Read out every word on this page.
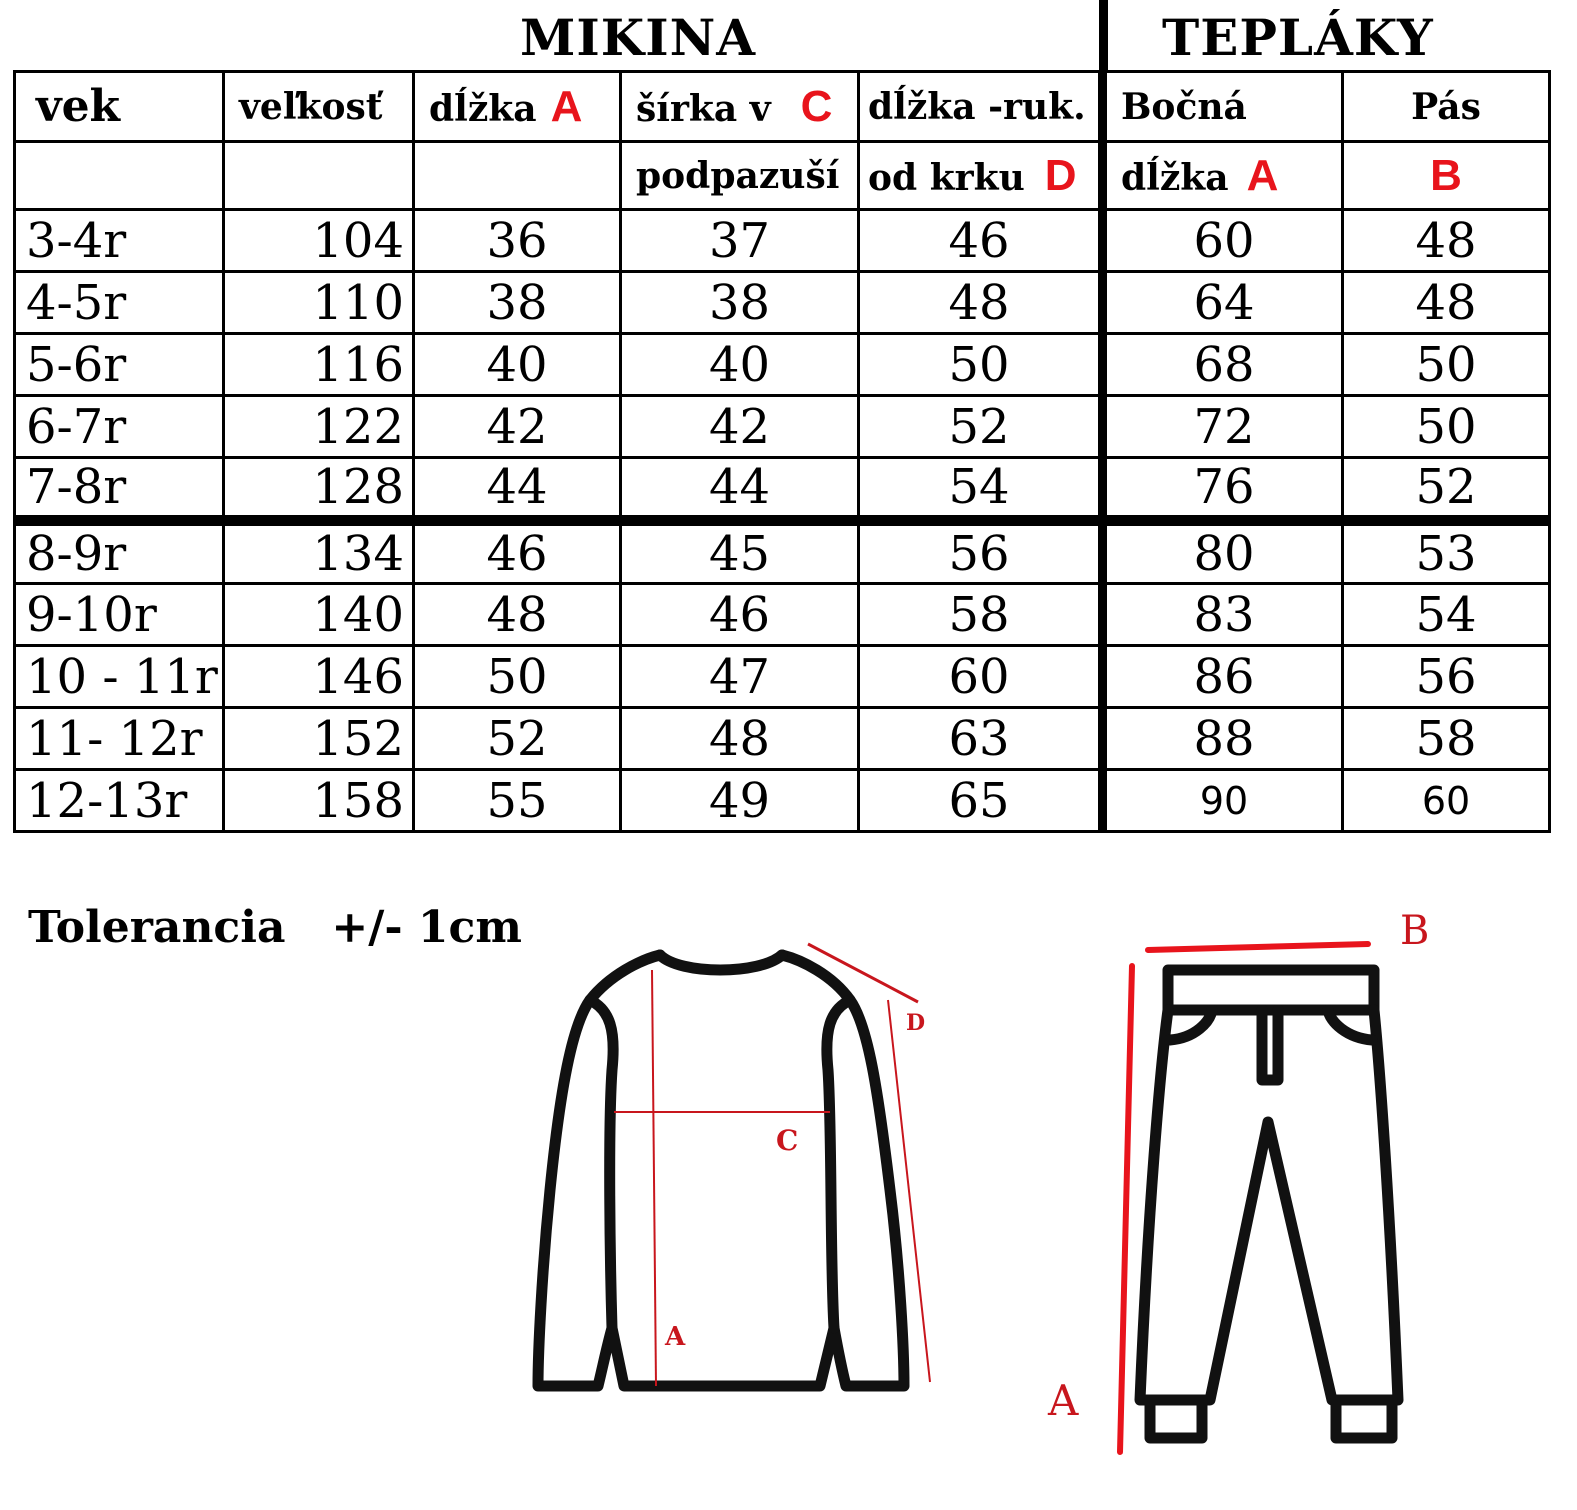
MIKINA	TEPLÁKY
vek	veľkosť	dĺžka A	šírka v C	dĺžka -ruk.	Bočná	Pás
			podpazuší	od krku D	dĺžka A	B
3-4r	104	36	37	46	60	48
4-5r	110	38	38	48	64	48
5-6r	116	40	40	50	68	50
6-7r	122	42	42	52	72	50
7-8r	128	44	44	54	76	52
8-9r	134	46	45	56	80	53
9-10r	140	48	46	58	83	54
10 - 11r	146	50	47	60	86	56
11- 12r	152	52	48	63	88	58
12-13r	158	55	49	65	90	60
Tolerancia   +/- 1cm
A
C
D
B
A
